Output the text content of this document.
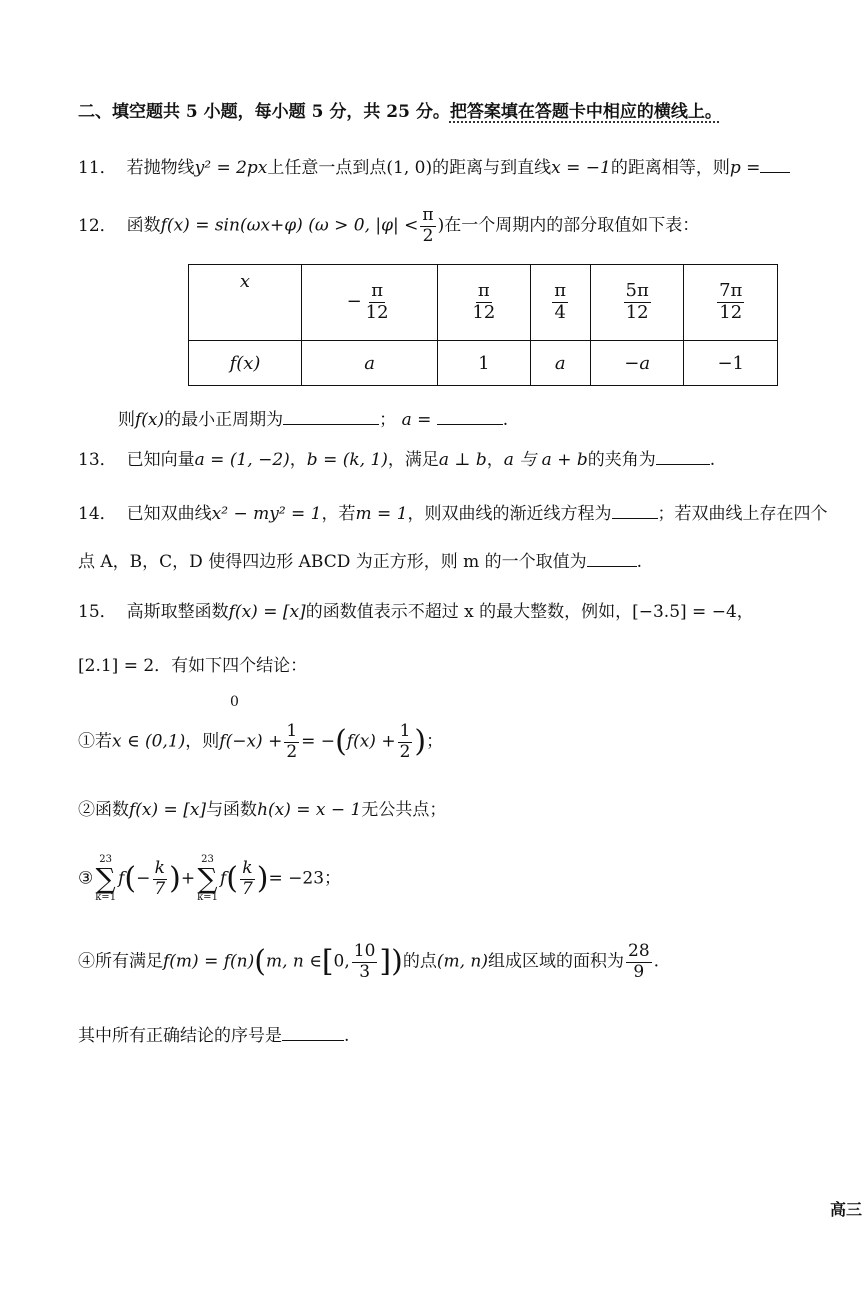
二、填空题共 5 小题，每小题 5 分，共 25 分。把答案填在答题卡中相应的横线上。
11． 若抛物线y² = 2px上任意一点到点(1, 0)的距离与到直线x = −1的距离相等，则p =
12． 函数f(x) = sin(ωx+φ) (ω > 0, $|\varphi| < \frac{\pi}{2}$ )在一个周期内的部分取值如下表：
x	− $\frac{\pi}{12}$	$\frac{\pi}{12}$	$\frac{\pi}{4}$	$\frac{5\pi}{12}$	$\frac{7\pi}{12}$

f(x)	a	1	a	−a	−1
则f(x)的最小正周期为	； a =	.
13． 已知向量a = (1, −2)，b = (k, 1)，满足a ⊥ b，a 与 a + b的夹角为	.
14． 已知双曲线x² − my² = 1，若m = 1，则双曲线的渐近线方程为	；若双曲线上存在四个
点 A，B，C，D 使得四边形 ABCD 为正方形，则 m 的一个取值为	.
15． 高斯取整函数f(x) = [x]的函数值表示不超过 x 的最大整数，例如，[−3.5] = −4，
[2.1] = 2．有如下四个结论：
0
①若x ∈ (0,1)，则$f(-x) + \frac{1}{2} = -(f(x) + \frac{1}{2}$ )；
②函数f(x) = [x]与函数h(x) = x − 1无公共点；
③
23
∑
k=1
$f(- \frac{k}{7}$ )+
23
∑
k=1
$f( \frac{k}{7}$ )= −23；
④所有满足f(m) = f(n)(m, n ∈[0, $\frac{10}{3}$ ])的点(m, n)组成区域的面积为 $\frac{28}{9}$ .
其中所有正确结论的序号是	.
高三
